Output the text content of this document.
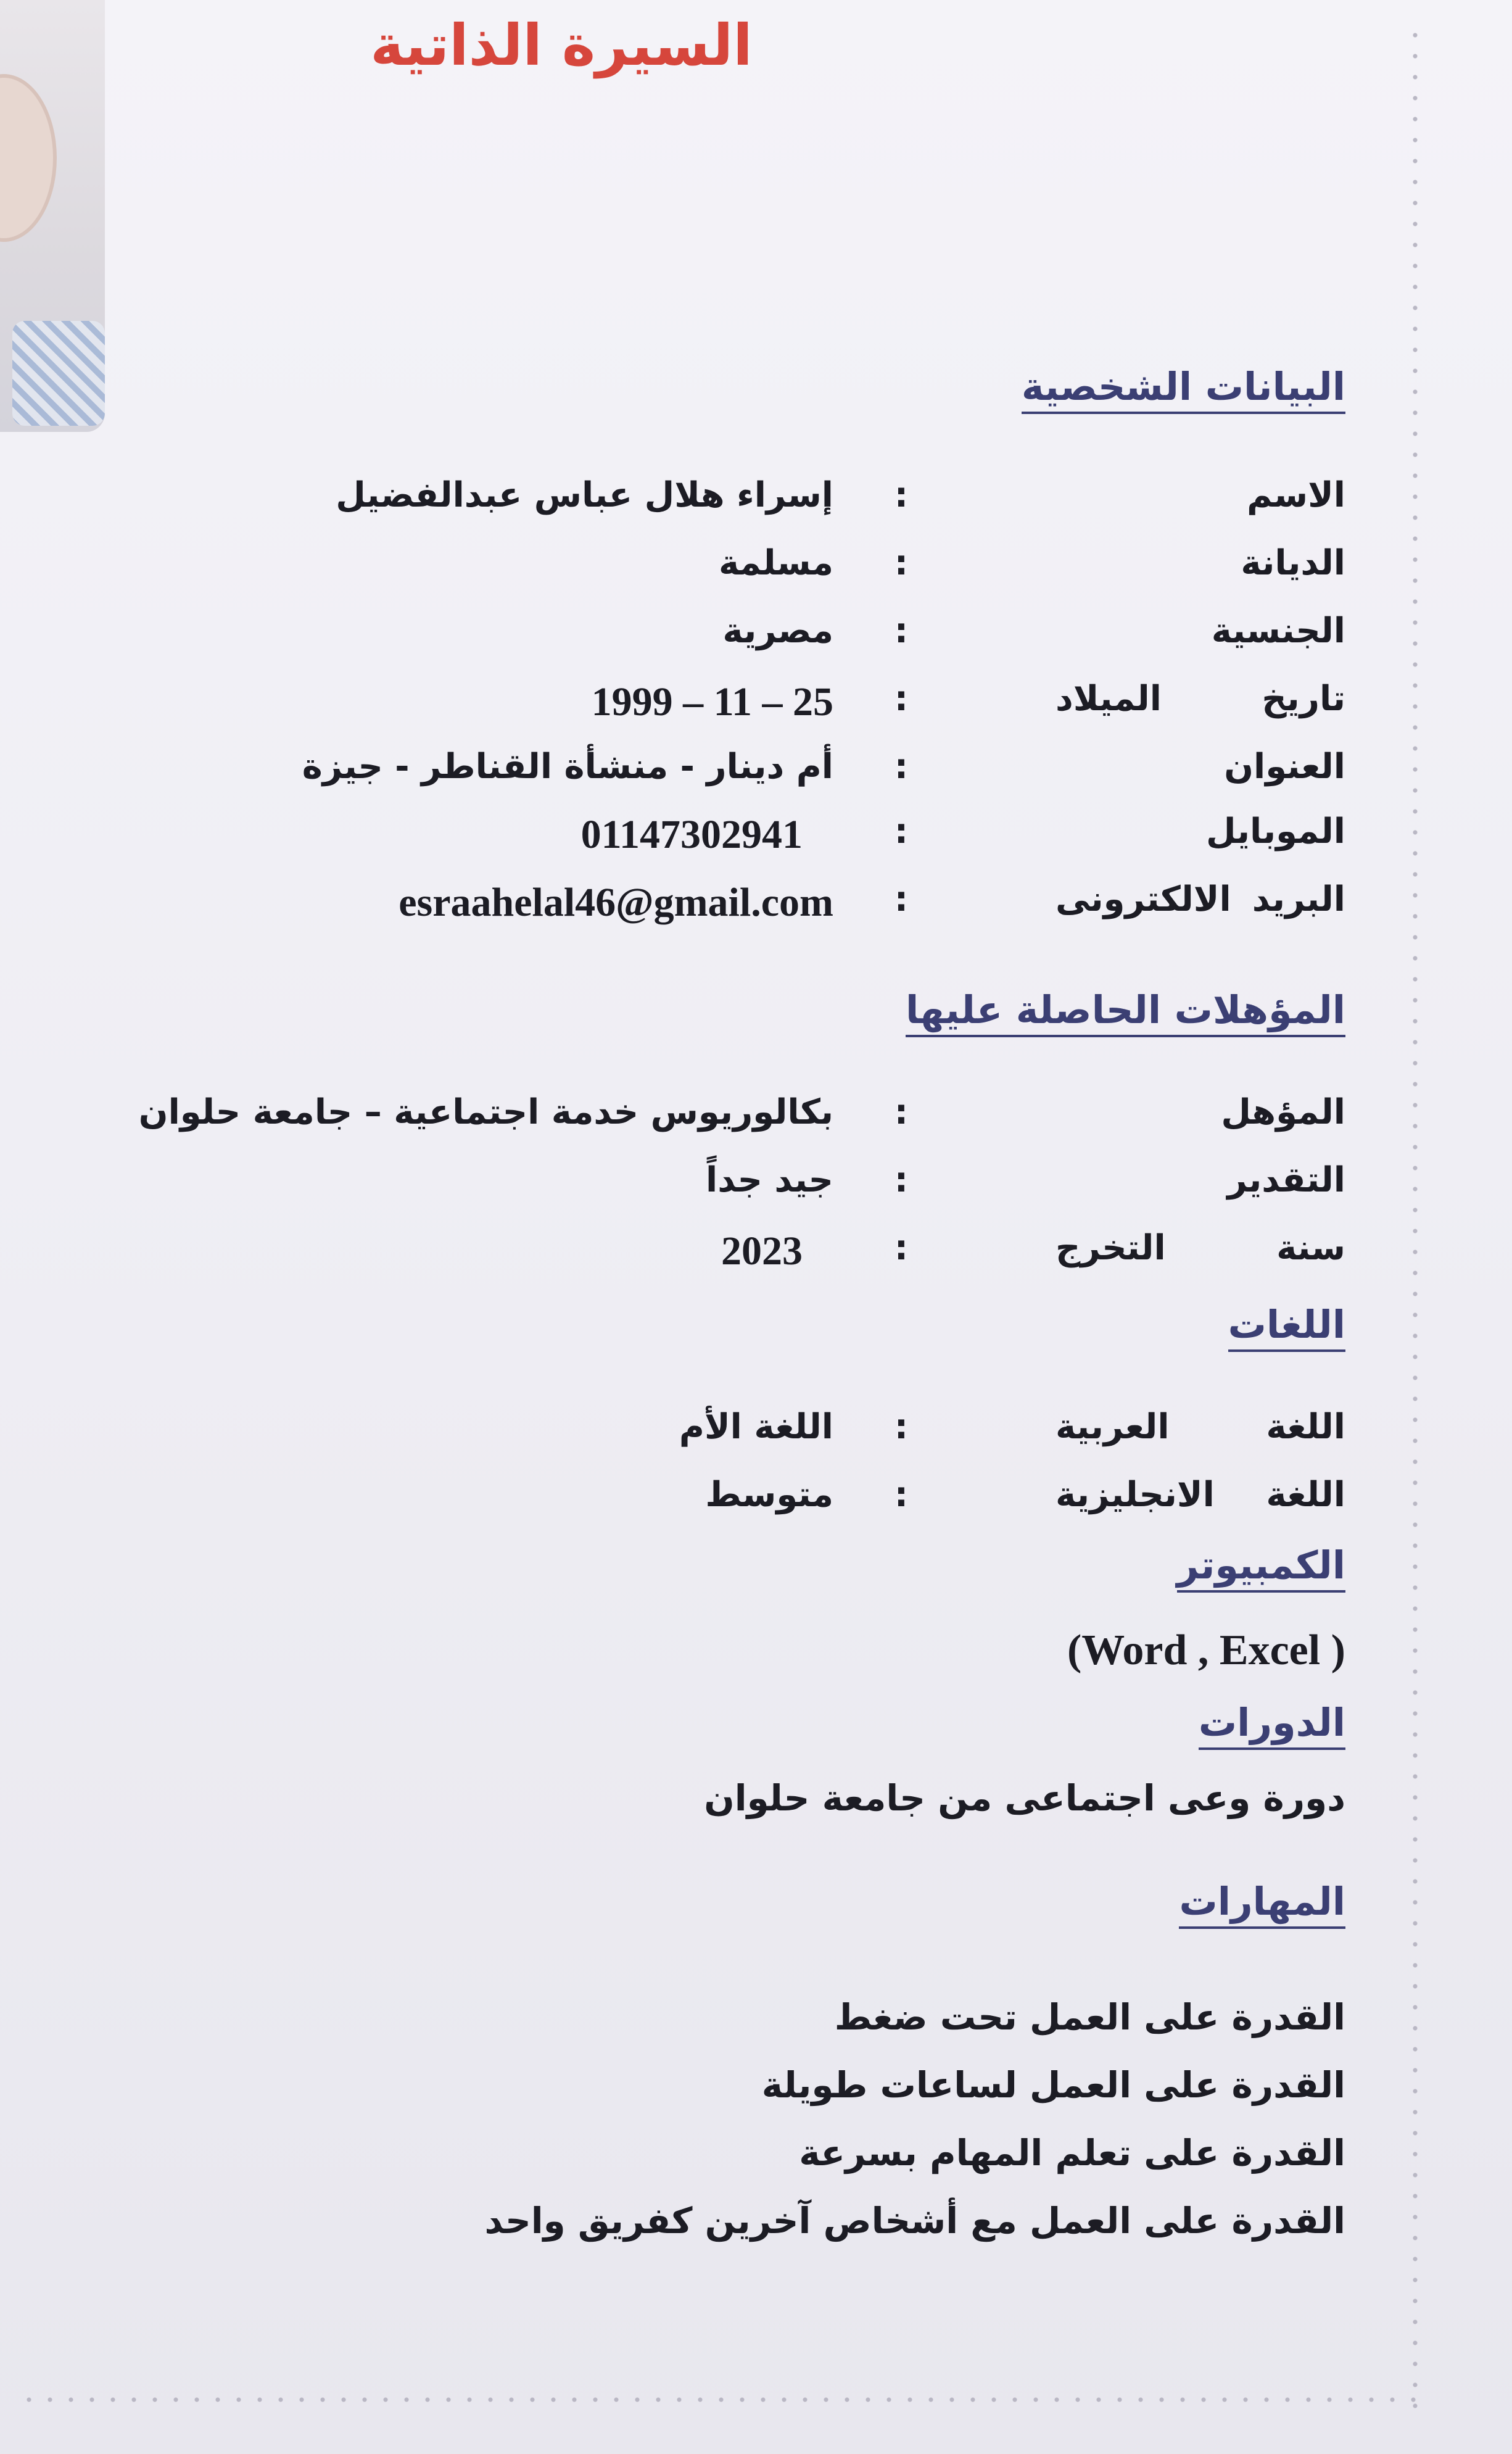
السيرة الذاتية
البيانات الشخصية
الاسم
:
إسراء هلال عباس عبدالفضيل
الديانة
:
مسلمة
الجنسية
:
مصرية
تاريخ الميلاد
:
25 – 11 – 1999
العنوان
:
أم دينار - منشأة القناطر - جيزة
الموبايل
:
01147302941
البريد الالكترونى
:
esraahelal46@gmail.com
المؤهلات الحاصلة عليها
المؤهل
:
بكالوريوس خدمة اجتماعية – جامعة حلوان
التقدير
:
جيد جداً
سنة التخرج
:
2023
اللغات
اللغة العربية
:
اللغة الأم
اللغة الانجليزية
:
متوسط
الكمبيوتر
(Word , Excel )
الدورات
دورة وعى اجتماعى من جامعة حلوان
المهارات
القدرة على العمل تحت ضغط
القدرة على العمل لساعات طويلة
القدرة على تعلم المهام بسرعة
القدرة على العمل مع أشخاص آخرين كفريق واحد
